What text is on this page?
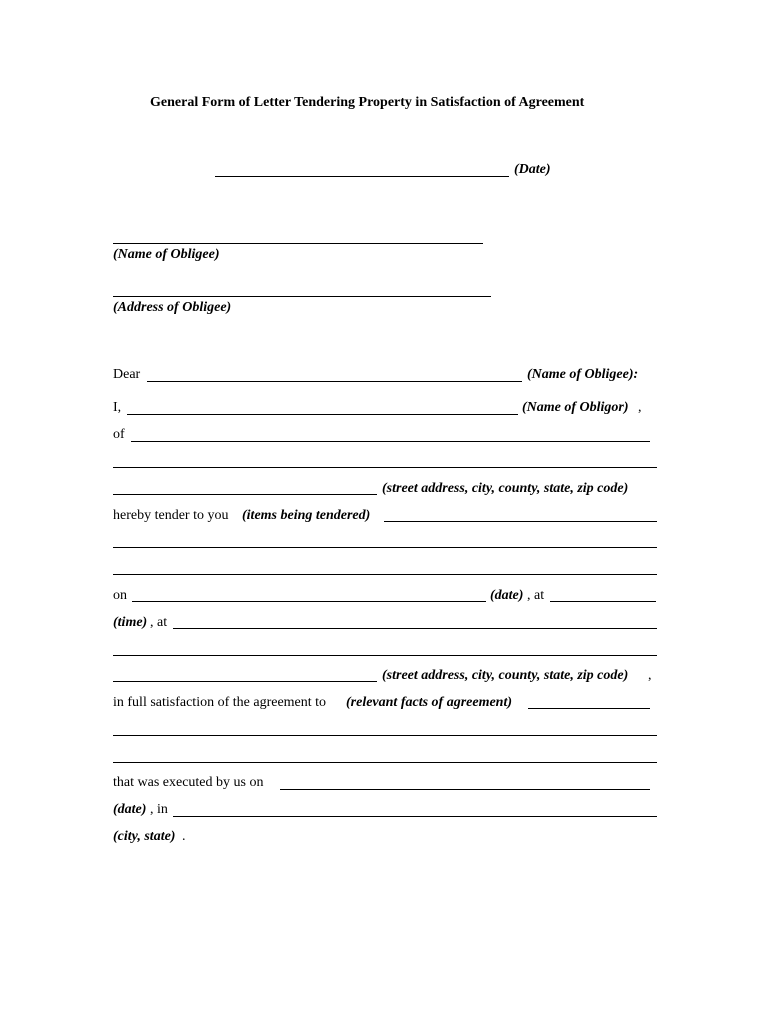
General Form of Letter Tendering Property in Satisfaction of Agreement
(Date)
(Name of Obligee)
(Address of Obligee)
Dear	(Name of Obligee):
I,	(Name of Obligor) ,
of
(street address, city, county, state, zip code)
hereby tender to you (items being tendered)
on	(date) , at
(time) , at
(street address, city, county, state, zip code) ,
in full satisfaction of the agreement to (relevant facts of agreement)
that was executed by us on
(date) , in
(city, state) .
